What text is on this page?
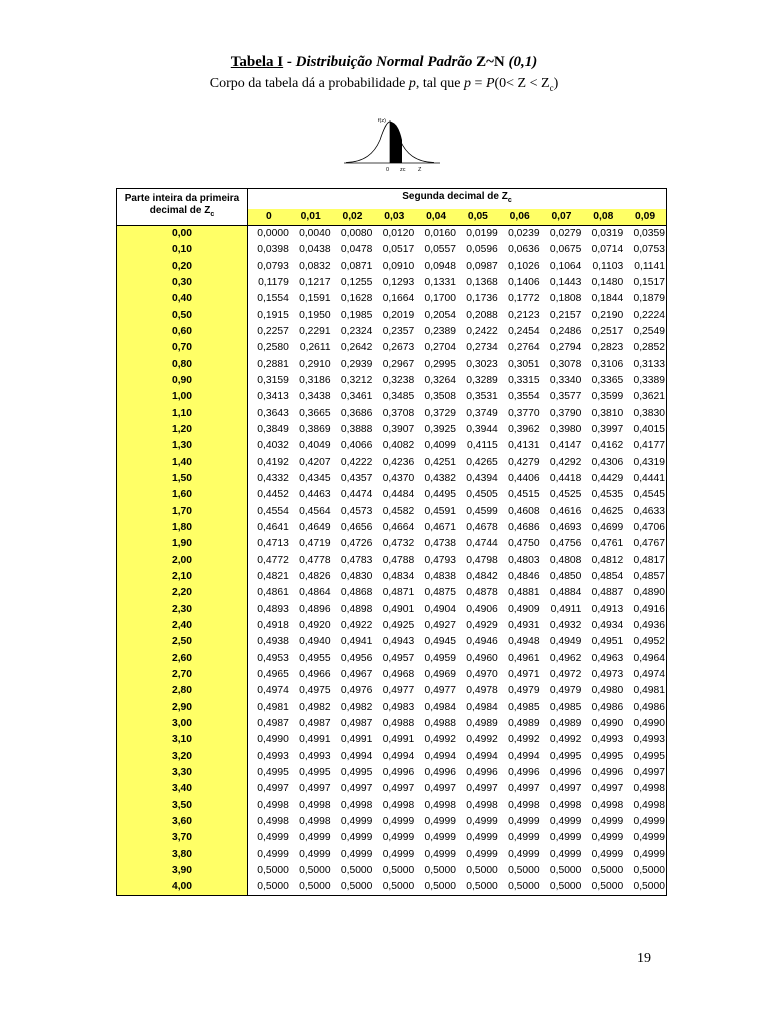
Tabela I - Distribuição Normal Padrão Z~N (0,1)
Corpo da tabela dá a probabilidade p, tal que $p = P(0< Z < Z_c)$
f(z)
0 zc Z
Parte inteira da primeira
decimal de $Z_c$	Segunda decimal de $Z_c$
	0	0,01	0,02	0,03	0,04	0,05	0,06	0,07	0,08	0,09
0,00	0,0000	0,0040	0,0080	0,0120	0,0160	0,0199	0,0239	0,0279	0,0319	0,0359
0,10	0,0398	0,0438	0,0478	0,0517	0,0557	0,0596	0,0636	0,0675	0,0714	0,0753
0,20	0,0793	0,0832	0,0871	0,0910	0,0948	0,0987	0,1026	0,1064	0,1103	0,1141
0,30	0,1179	0,1217	0,1255	0,1293	0,1331	0,1368	0,1406	0,1443	0,1480	0,1517
0,40	0,1554	0,1591	0,1628	0,1664	0,1700	0,1736	0,1772	0,1808	0,1844	0,1879
0,50	0,1915	0,1950	0,1985	0,2019	0,2054	0,2088	0,2123	0,2157	0,2190	0,2224
0,60	0,2257	0,2291	0,2324	0,2357	0,2389	0,2422	0,2454	0,2486	0,2517	0,2549
0,70	0,2580	0,2611	0,2642	0,2673	0,2704	0,2734	0,2764	0,2794	0,2823	0,2852
0,80	0,2881	0,2910	0,2939	0,2967	0,2995	0,3023	0,3051	0,3078	0,3106	0,3133
0,90	0,3159	0,3186	0,3212	0,3238	0,3264	0,3289	0,3315	0,3340	0,3365	0,3389
1,00	0,3413	0,3438	0,3461	0,3485	0,3508	0,3531	0,3554	0,3577	0,3599	0,3621
1,10	0,3643	0,3665	0,3686	0,3708	0,3729	0,3749	0,3770	0,3790	0,3810	0,3830
1,20	0,3849	0,3869	0,3888	0,3907	0,3925	0,3944	0,3962	0,3980	0,3997	0,4015
1,30	0,4032	0,4049	0,4066	0,4082	0,4099	0,4115	0,4131	0,4147	0,4162	0,4177
1,40	0,4192	0,4207	0,4222	0,4236	0,4251	0,4265	0,4279	0,4292	0,4306	0,4319
1,50	0,4332	0,4345	0,4357	0,4370	0,4382	0,4394	0,4406	0,4418	0,4429	0,4441
1,60	0,4452	0,4463	0,4474	0,4484	0,4495	0,4505	0,4515	0,4525	0,4535	0,4545
1,70	0,4554	0,4564	0,4573	0,4582	0,4591	0,4599	0,4608	0,4616	0,4625	0,4633
1,80	0,4641	0,4649	0,4656	0,4664	0,4671	0,4678	0,4686	0,4693	0,4699	0,4706
1,90	0,4713	0,4719	0,4726	0,4732	0,4738	0,4744	0,4750	0,4756	0,4761	0,4767
2,00	0,4772	0,4778	0,4783	0,4788	0,4793	0,4798	0,4803	0,4808	0,4812	0,4817
2,10	0,4821	0,4826	0,4830	0,4834	0,4838	0,4842	0,4846	0,4850	0,4854	0,4857
2,20	0,4861	0,4864	0,4868	0,4871	0,4875	0,4878	0,4881	0,4884	0,4887	0,4890
2,30	0,4893	0,4896	0,4898	0,4901	0,4904	0,4906	0,4909	0,4911	0,4913	0,4916
2,40	0,4918	0,4920	0,4922	0,4925	0,4927	0,4929	0,4931	0,4932	0,4934	0,4936
2,50	0,4938	0,4940	0,4941	0,4943	0,4945	0,4946	0,4948	0,4949	0,4951	0,4952
2,60	0,4953	0,4955	0,4956	0,4957	0,4959	0,4960	0,4961	0,4962	0,4963	0,4964
2,70	0,4965	0,4966	0,4967	0,4968	0,4969	0,4970	0,4971	0,4972	0,4973	0,4974
2,80	0,4974	0,4975	0,4976	0,4977	0,4977	0,4978	0,4979	0,4979	0,4980	0,4981
2,90	0,4981	0,4982	0,4982	0,4983	0,4984	0,4984	0,4985	0,4985	0,4986	0,4986
3,00	0,4987	0,4987	0,4987	0,4988	0,4988	0,4989	0,4989	0,4989	0,4990	0,4990
3,10	0,4990	0,4991	0,4991	0,4991	0,4992	0,4992	0,4992	0,4992	0,4993	0,4993
3,20	0,4993	0,4993	0,4994	0,4994	0,4994	0,4994	0,4994	0,4995	0,4995	0,4995
3,30	0,4995	0,4995	0,4995	0,4996	0,4996	0,4996	0,4996	0,4996	0,4996	0,4997
3,40	0,4997	0,4997	0,4997	0,4997	0,4997	0,4997	0,4997	0,4997	0,4997	0,4998
3,50	0,4998	0,4998	0,4998	0,4998	0,4998	0,4998	0,4998	0,4998	0,4998	0,4998
3,60	0,4998	0,4998	0,4999	0,4999	0,4999	0,4999	0,4999	0,4999	0,4999	0,4999
3,70	0,4999	0,4999	0,4999	0,4999	0,4999	0,4999	0,4999	0,4999	0,4999	0,4999
3,80	0,4999	0,4999	0,4999	0,4999	0,4999	0,4999	0,4999	0,4999	0,4999	0,4999
3,90	0,5000	0,5000	0,5000	0,5000	0,5000	0,5000	0,5000	0,5000	0,5000	0,5000
4,00	0,5000	0,5000	0,5000	0,5000	0,5000	0,5000	0,5000	0,5000	0,5000	0,5000
19
